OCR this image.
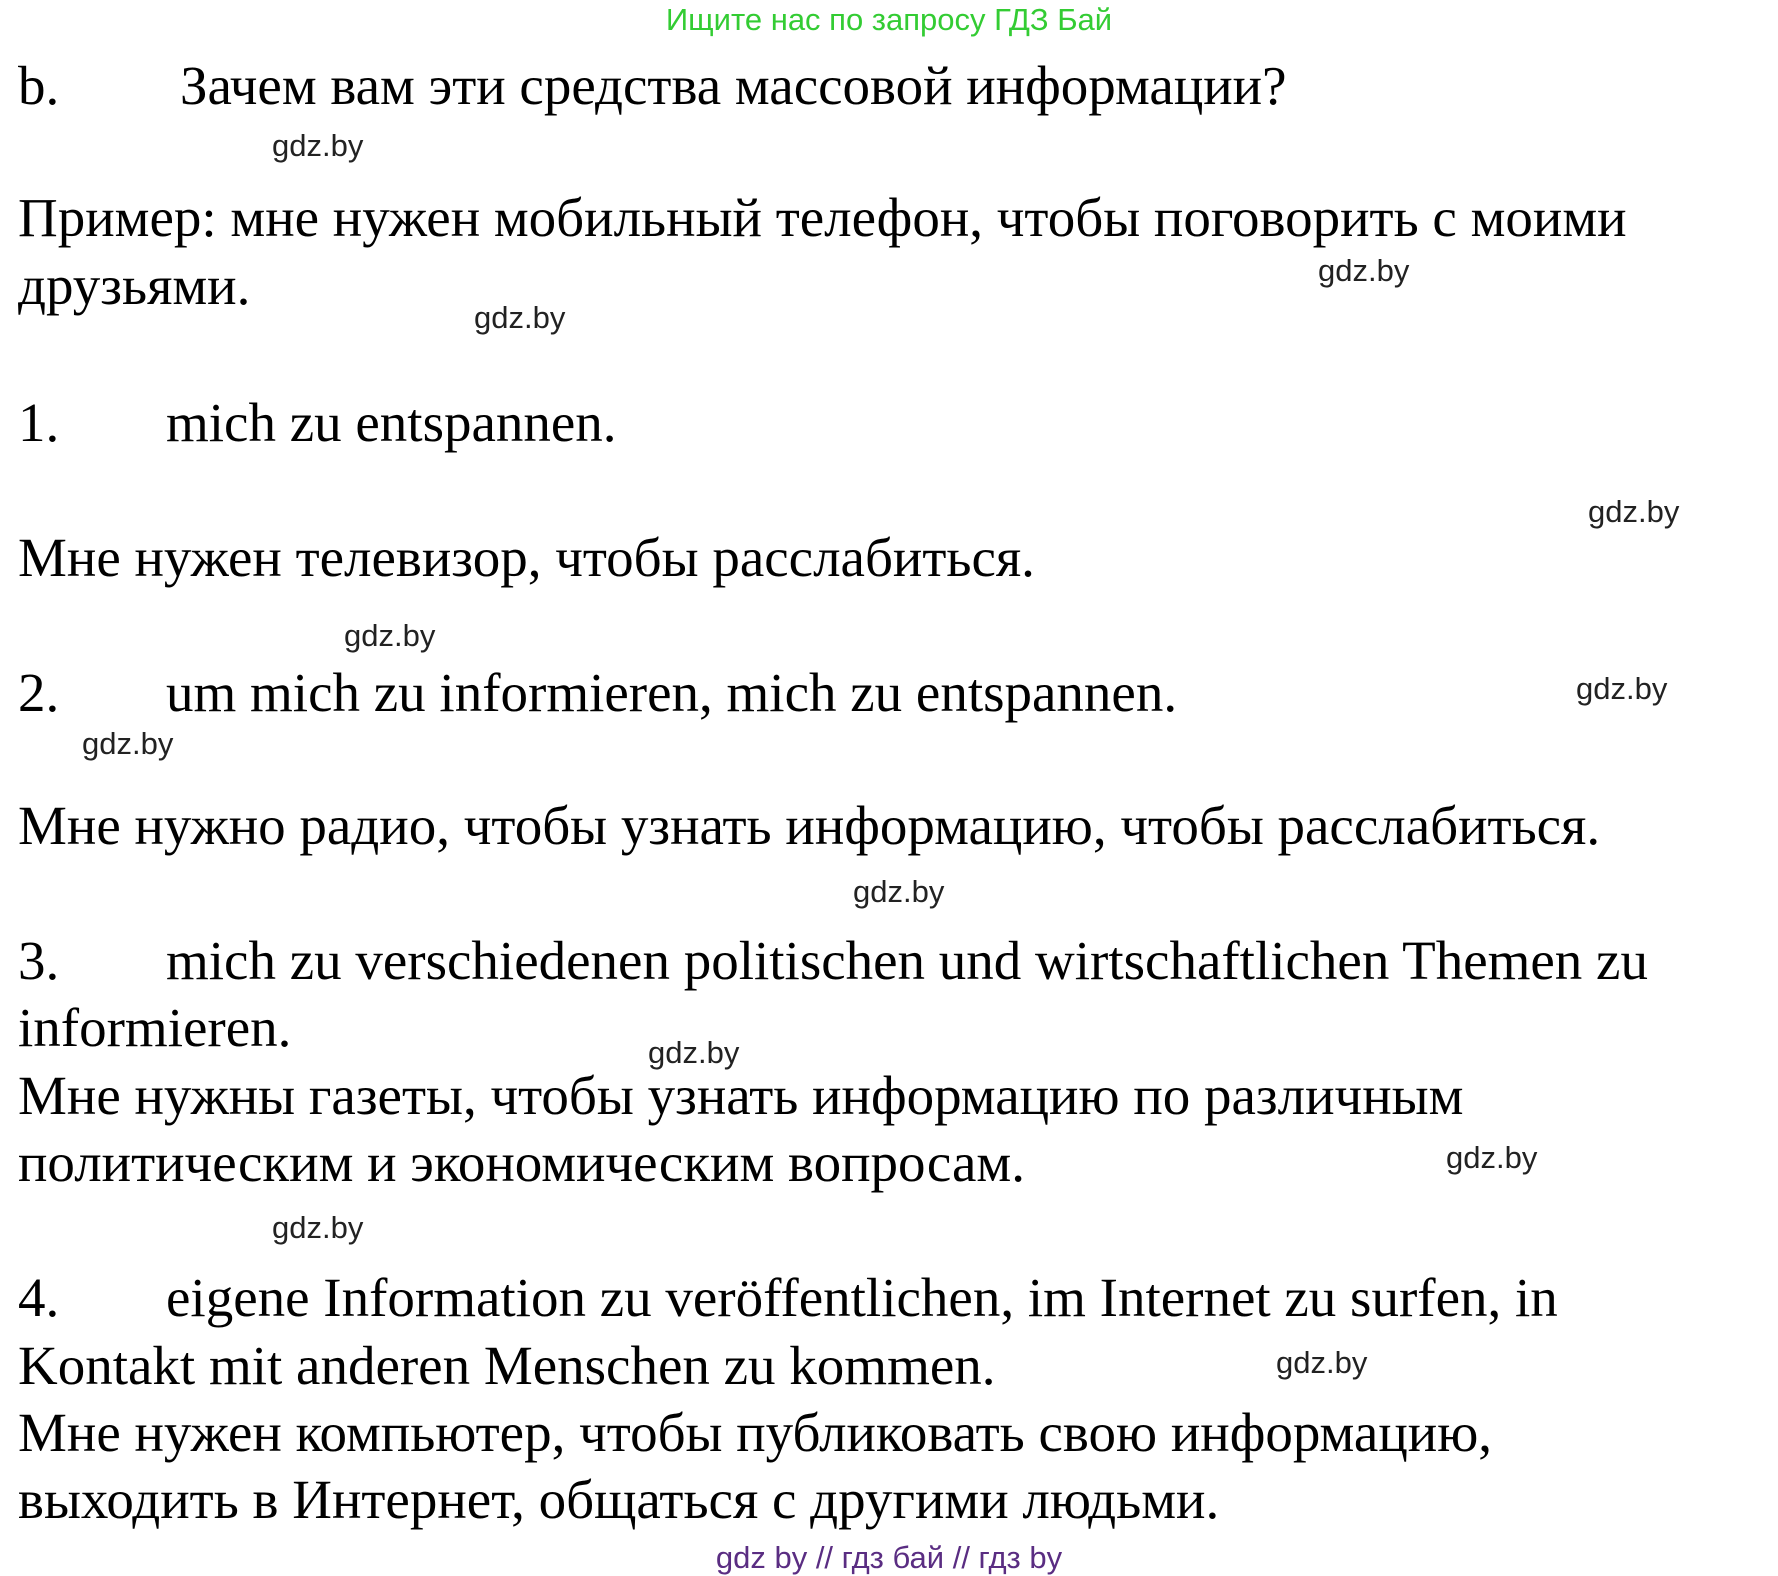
Ищите нас по запросу ГДЗ Бай
b. Зачем вам эти средства массовой информации?
Пример: мне нужен мобильный телефон, чтобы поговорить с моими
друзьями.
1. mich zu entspannen.
Мне нужен телевизор, чтобы расслабиться.
2. um mich zu informieren, mich zu entspannen.
Мне нужно радио, чтобы узнать информацию, чтобы расслабиться.
3. mich zu verschiedenen politischen und wirtschaftlichen Themen zu
informieren.
Мне нужны газеты, чтобы узнать информацию по различным
политическим и экономическим вопросам.
4. eigene Information zu veröffentlichen, im Internet zu surfen, in
Kontakt mit anderen Menschen zu kommen.
Мне нужен компьютер, чтобы публиковать свою информацию,
выходить в Интернет, общаться с другими людьми.
gdz.by
gdz.by
gdz.by
gdz.by
gdz.by
gdz.by
gdz.by
gdz.by
gdz.by
gdz.by
gdz.by
gdz.by
gdz by // гдз бай // гдз by
